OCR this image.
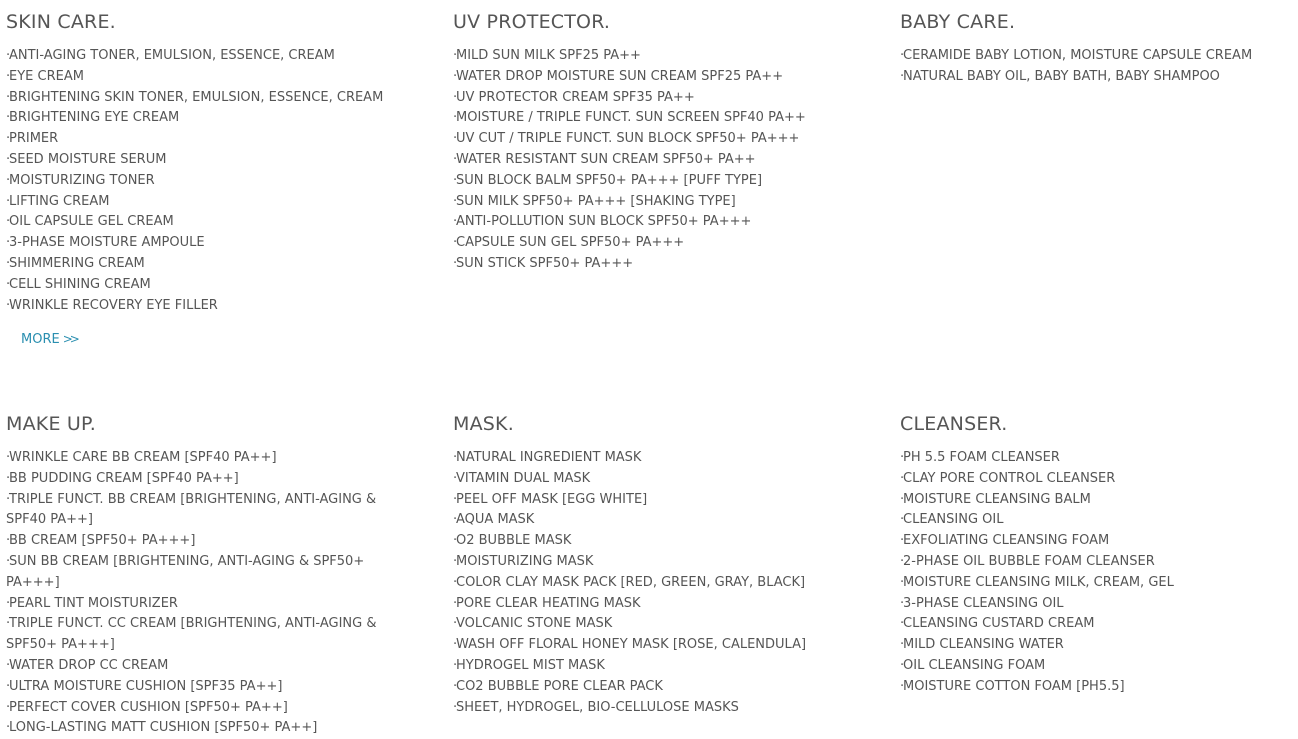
SKIN CARE.
· ANTI-AGING TONER, EMULSION, ESSENCE, CREAM
· EYE CREAM
· BRIGHTENING SKIN TONER, EMULSION, ESSENCE, CREAM
· BRIGHTENING EYE CREAM
· PRIMER
· SEED MOISTURE SERUM
· MOISTURIZING TONER
· LIFTING CREAM
· OIL CAPSULE GEL CREAM
· 3-PHASE MOISTURE AMPOULE
· SHIMMERING CREAM
· CELL SHINING CREAM
· WRINKLE RECOVERY EYE FILLER
MORE >>
UV PROTECTOR.
· MILD SUN MILK SPF25 PA++
· WATER DROP MOISTURE SUN CREAM SPF25 PA++
· UV PROTECTOR CREAM SPF35 PA++
· MOISTURE / TRIPLE FUNCT. SUN SCREEN SPF40 PA++
· UV CUT / TRIPLE FUNCT. SUN BLOCK SPF50+ PA+++
· WATER RESISTANT SUN CREAM SPF50+ PA++
· SUN BLOCK BALM SPF50+ PA+++ [PUFF TYPE]
· SUN MILK SPF50+ PA+++ [SHAKING TYPE]
· ANTI-POLLUTION SUN BLOCK SPF50+ PA+++
· CAPSULE SUN GEL SPF50+ PA+++
· SUN STICK SPF50+ PA+++
BABY CARE.
· CERAMIDE BABY LOTION, MOISTURE CAPSULE CREAM
· NATURAL BABY OIL, BABY BATH, BABY SHAMPOO
MAKE UP.
· WRINKLE CARE BB CREAM [SPF40 PA++]
· BB PUDDING CREAM [SPF40 PA++]
· TRIPLE FUNCT. BB CREAM [BRIGHTENING, ANTI-AGING & SPF40 PA++]
· BB CREAM [SPF50+ PA+++]
· SUN BB CREAM [BRIGHTENING, ANTI-AGING & SPF50+ PA+++]
· PEARL TINT MOISTURIZER
· TRIPLE FUNCT. CC CREAM [BRIGHTENING, ANTI-AGING & SPF50+ PA+++]
· WATER DROP CC CREAM
· ULTRA MOISTURE CUSHION [SPF35 PA++]
· PERFECT COVER CUSHION [SPF50+ PA++]
· LONG-LASTING MATT CUSHION [SPF50+ PA++]
MASK.
· NATURAL INGREDIENT MASK
· VITAMIN DUAL MASK
· PEEL OFF MASK [EGG WHITE]
· AQUA MASK
· O2 BUBBLE MASK
· MOISTURIZING MASK
· COLOR CLAY MASK PACK [RED, GREEN, GRAY, BLACK]
· PORE CLEAR HEATING MASK
· VOLCANIC STONE MASK
· WASH OFF FLORAL HONEY MASK [ROSE, CALENDULA]
· HYDROGEL MIST MASK
· CO2 BUBBLE PORE CLEAR PACK
· SHEET, HYDROGEL, BIO-CELLULOSE MASKS
CLEANSER.
· PH 5.5 FOAM CLEANSER
· CLAY PORE CONTROL CLEANSER
· MOISTURE CLEANSING BALM
· CLEANSING OIL
· EXFOLIATING CLEANSING FOAM
· 2-PHASE OIL BUBBLE FOAM CLEANSER
· MOISTURE CLEANSING MILK, CREAM, GEL
· 3-PHASE CLEANSING OIL
· CLEANSING CUSTARD CREAM
· MILD CLEANSING WATER
· OIL CLEANSING FOAM
· MOISTURE COTTON FOAM [PH5.5]
